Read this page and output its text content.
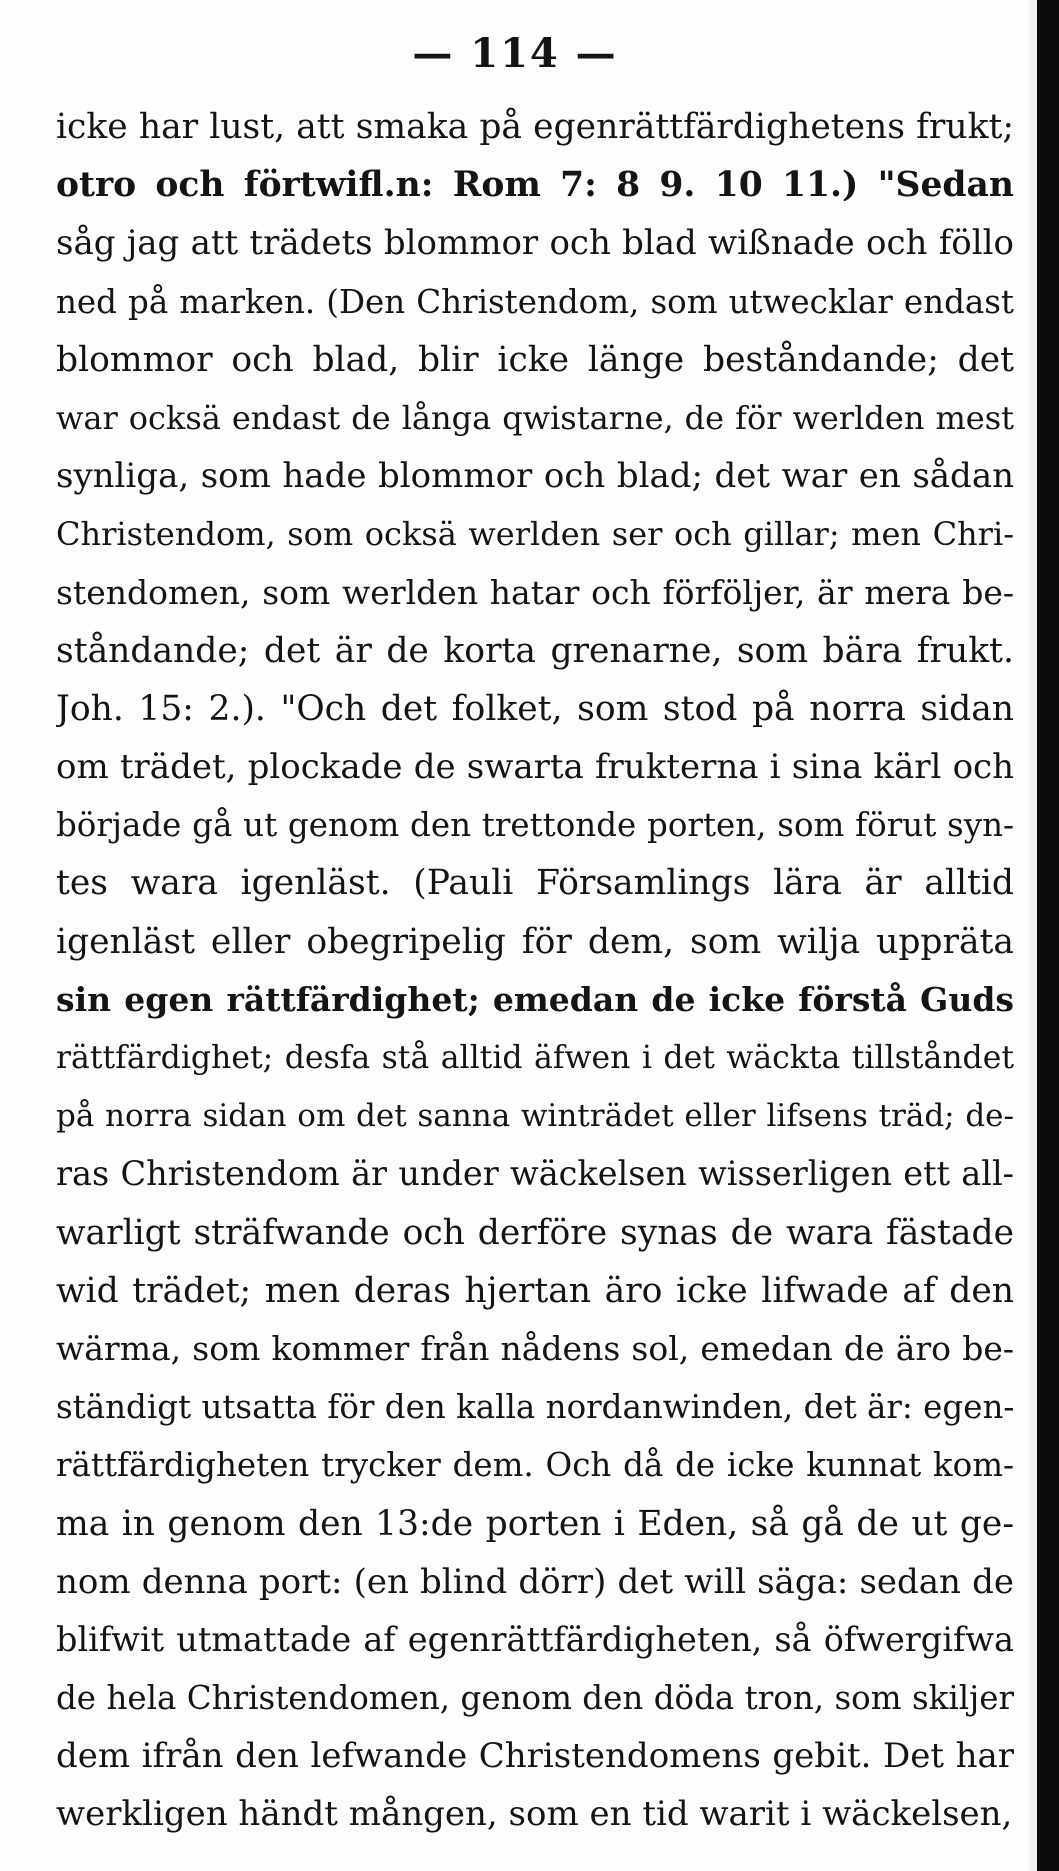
— 114 —
icke har lust, att smaka på egenrättfärdighetens frukt;
otro och förtwifl.n: Rom 7: 8 9. 10 11.) "Sedan
såg jag att trädets blommor och blad wißnade och föllo
ned på marken. (Den Christendom, som utwecklar endast
blommor och blad, blir icke länge beståndande; det
war ocksä endast de långa qwistarne, de för werlden mest
synliga, som hade blommor och blad; det war en sådan
Christendom, som ocksä werlden ser och gillar; men Chri-
stendomen, som werlden hatar och förföljer, är mera be-
ståndande; det är de korta grenarne, som bära frukt.
Joh. 15: 2.). "Och det folket, som stod på norra sidan
om trädet, plockade de swarta frukterna i sina kärl och
började gå ut genom den trettonde porten, som förut syn-
tes wara igenläst. (Pauli Församlings lära är alltid
igenläst eller obegripelig för dem, som wilja uppräta
sin egen rättfärdighet; emedan de icke förstå Guds
rättfärdighet; desfa stå alltid äfwen i det wäckta tillståndet
på norra sidan om det sanna winträdet eller lifsens träd; de-
ras Christendom är under wäckelsen wisserligen ett all-
warligt sträfwande och derföre synas de wara fästade
wid trädet; men deras hjertan äro icke lifwade af den
wärma, som kommer från nådens sol, emedan de äro be-
ständigt utsatta för den kalla nordanwinden, det är: egen-
rättfärdigheten trycker dem. Och då de icke kunnat kom-
ma in genom den 13:de porten i Eden, så gå de ut ge-
nom denna port: (en blind dörr) det will säga: sedan de
blifwit utmattade af egenrättfärdigheten, så öfwergifwa
de hela Christendomen, genom den döda tron, som skiljer
dem ifrån den lefwande Christendomens gebit. Det har
werkligen händt mången, som en tid warit i wäckelsen,
